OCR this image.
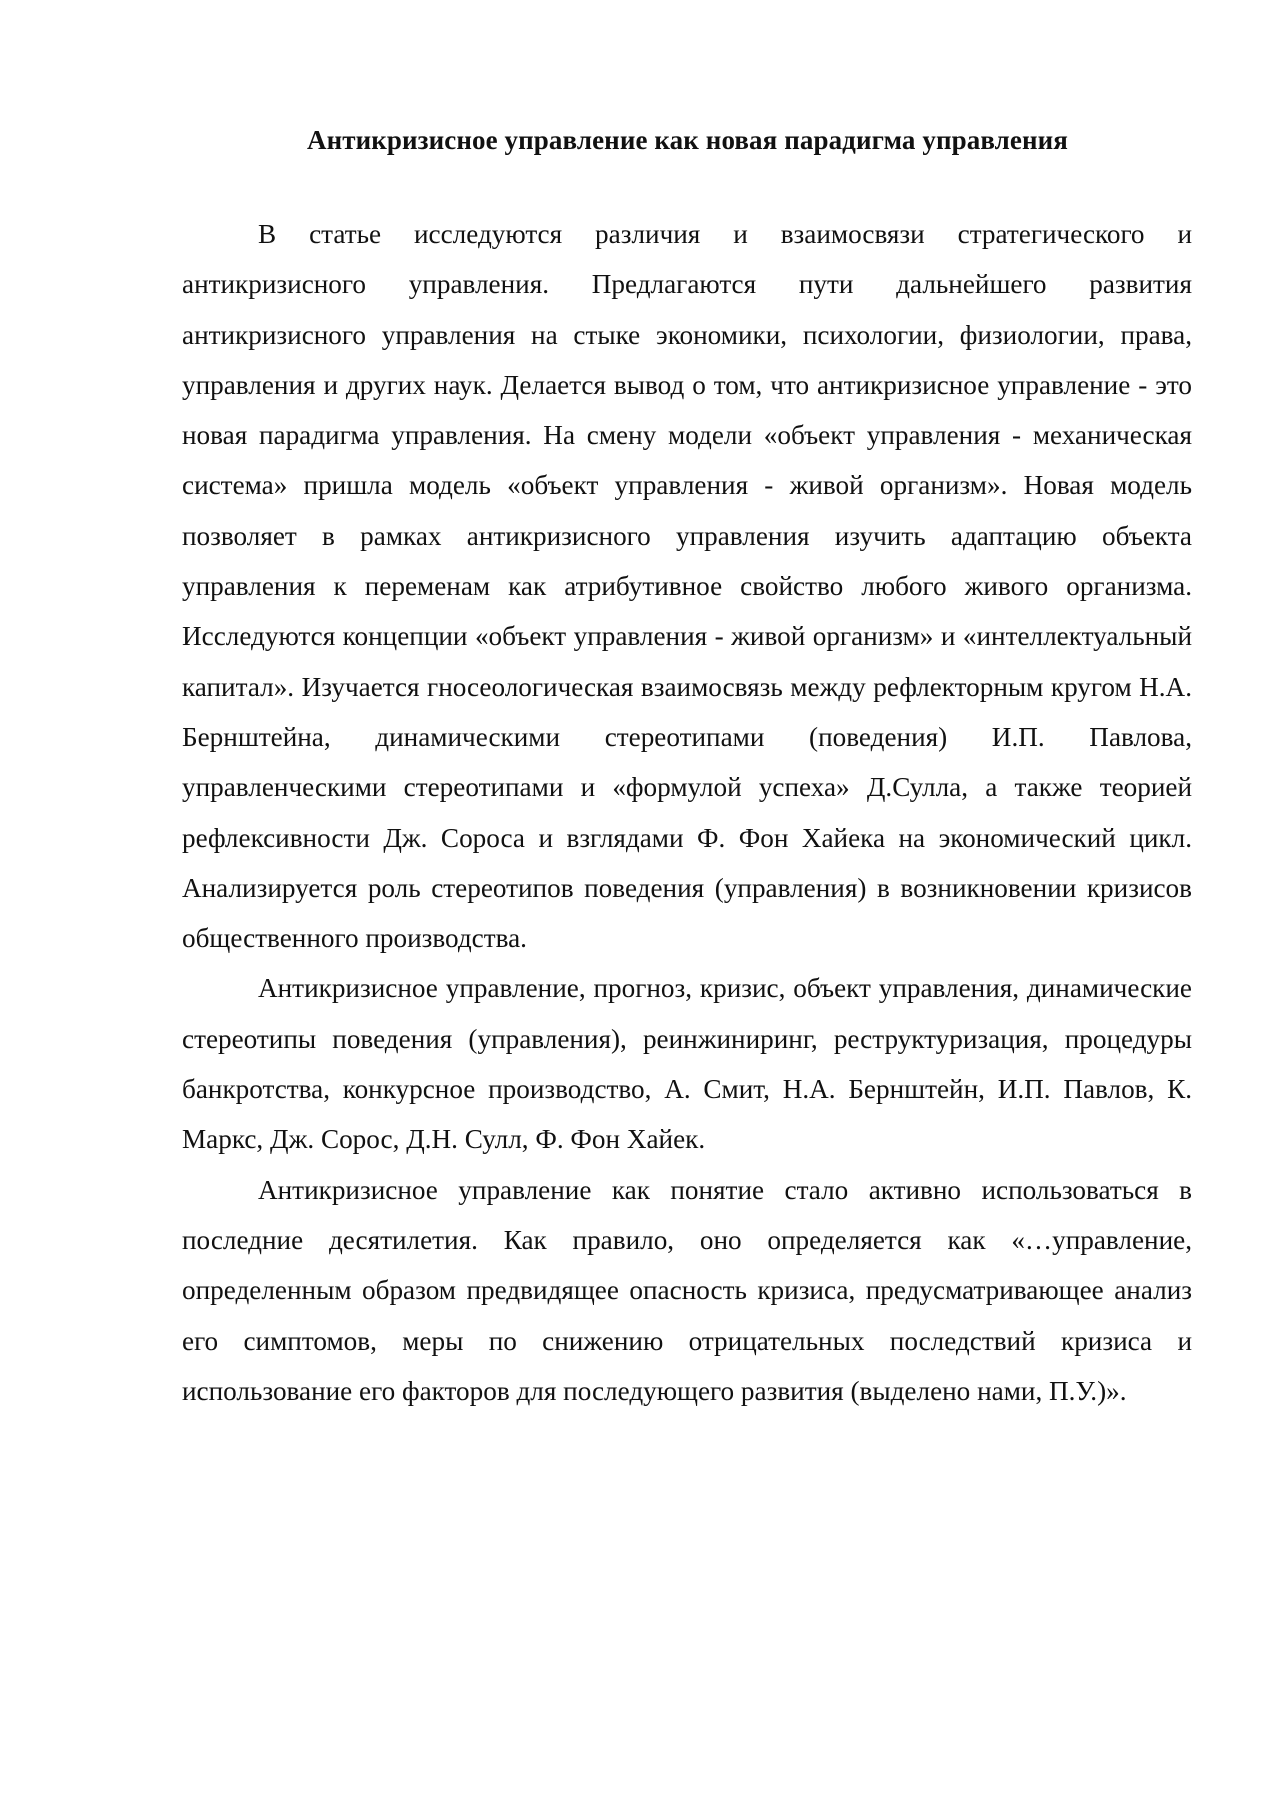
Антикризисное управление как новая парадигма управления

В статье исследуются различия и взаимосвязи стратегического и антикризисного управления. Предлагаются пути дальнейшего развития антикризисного управления на стыке экономики, психологии, физиологии, права, управления и других наук. Делается вывод о том, что антикризисное управление - это новая парадигма управления. На смену модели «объект управления - механическая система» пришла модель «объект управления - живой организм». Новая модель позволяет в рамках антикризисного управления изучить адаптацию объекта управления к переменам как атрибутивное свойство любого живого организма. Исследуются концепции «объект управления - живой организм» и «интеллектуальный капитал». Изучается гносеологическая взаимосвязь между рефлекторным кругом Н.А. Бернштейна, динамическими стереотипами (поведения) И.П. Павлова, управленческими стереотипами и «формулой успеха» Д.Сулла, а также теорией рефлексивности Дж. Сороса и взглядами Ф. Фон Хайека на экономический цикл. Анализируется роль стереотипов поведения (управления) в возникновении кризисов общественного производства.

Антикризисное управление, прогноз, кризис, объект управления, динамические стереотипы поведения (управления), реинжиниринг, реструктуризация, процедуры банкротства, конкурсное производство, А. Смит, Н.А. Бернштейн, И.П. Павлов, К. Маркс, Дж. Сорос, Д.Н. Сулл, Ф. Фон Хайек.

Антикризисное управление как понятие стало активно использоваться в последние десятилетия. Как правило, оно определяется как «…управление, определенным образом предвидящее опасность кризиса, предусматривающее анализ его симптомов, меры по снижению отрицательных последствий кризиса и использование его факторов для последующего развития (выделено нами, П.У.)».
